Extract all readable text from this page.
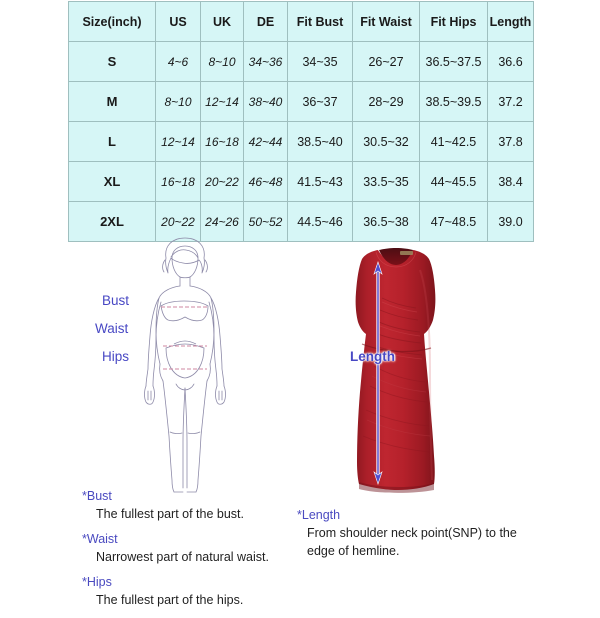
Size(inch)	US	UK	DE	Fit Bust	Fit Waist	Fit Hips	Length
S	4~6	8~10	34~36	34~35	26~27	36.5~37.5	36.6
M	8~10	12~14	38~40	36~37	28~29	38.5~39.5	37.2
L	12~14	16~18	42~44	38.5~40	30.5~32	41~42.5	37.8
XL	16~18	20~22	46~48	41.5~43	33.5~35	44~45.5	38.4
2XL	20~22	24~26	50~52	44.5~46	36.5~38	47~48.5	39.0
Bust
Waist
Hips	Length

*Bust

The fullest part of the bust.

*Waist

Narrowest part of natural waist.

*Hips

The fullest part of the hips.

*Length

From shoulder neck point(SNP) to the edge of hemline.
